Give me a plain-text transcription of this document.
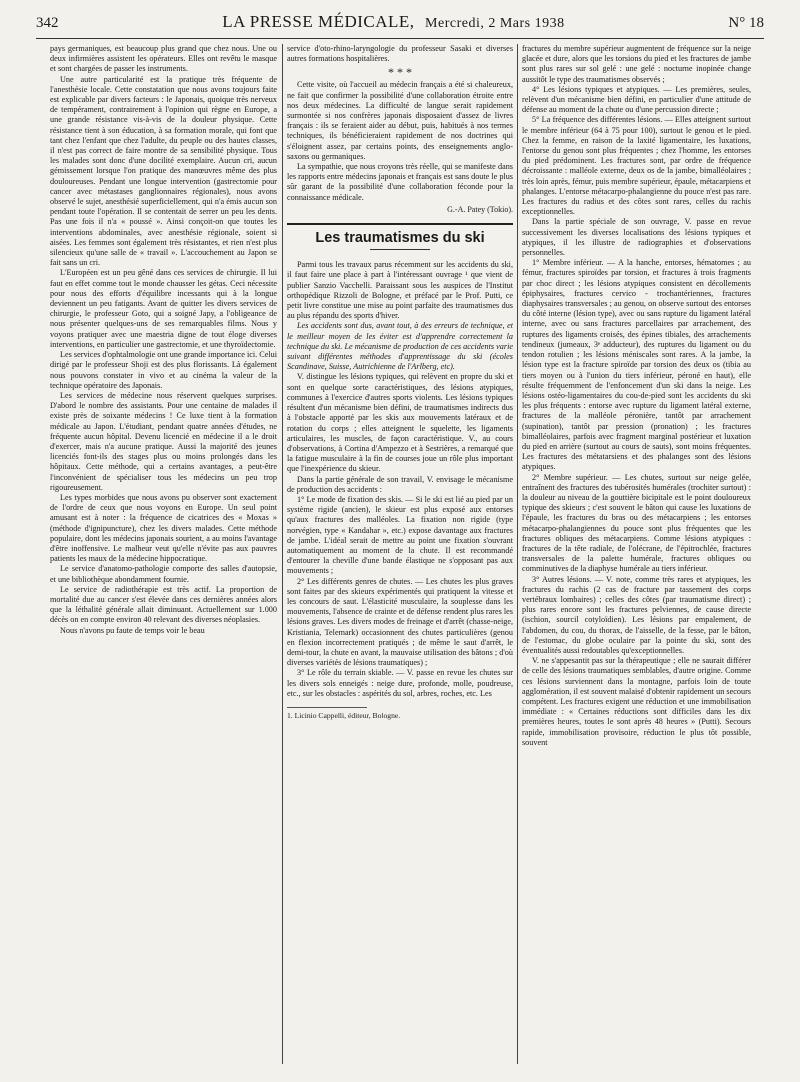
342	LA PRESSE MÉDICALE, Mercredi, 2 Mars 1938	N° 18

pays germaniques, est beaucoup plus grand que chez nous. Une ou deux infirmières assistent les opérateurs. Elles ont revêtu le masque et sont chargées de passer les instruments.

Une autre particularité est la pratique très fréquente de l'anesthésie locale. Cette constatation que nous avons toujours faite est explicable par divers facteurs : le Japonais, quoique très nerveux de tempérament, contrairement à l'opinion qui règne en Europe, a une grande résistance vis-à-vis de la douleur physique. Cette résistance tient à son éducation, à sa formation morale, qui font que tant chez l'enfant que chez l'adulte, du peuple ou des hautes classes, il n'est pas correct de faire montre de sa sensibilité physique. Tous les malades sont donc d'une docilité exemplaire. Aucun cri, aucun gémissement lorsque l'on pratique des manœuvres même des plus douloureuses. Pendant une longue intervention (gastrectomie pour cancer avec métastases ganglionnaires régionales), nous avons observé le sujet, anesthésié superficiellement, qui n'a émis aucun son pendant toute l'opération. Il se contentait de serrer un peu les dents. Pas une fois il n'a « poussé ». Ainsi conçoit-on que toutes les interventions abdominales, avec anesthésie régionale, soient si aisées. Les femmes sont également très résistantes, et rien n'est plus silencieux qu'une salle de « travail ». L'accouchement au Japon se fait sans un cri.

L'Européen est un peu gêné dans ces services de chirurgie. Il lui faut en effet comme tout le monde chausser les gétas. Ceci nécessite pour nous des efforts d'équilibre incessants qui à la longue deviennent un peu fatigants. Avant de quitter les divers services de chirurgie, le professeur Goto, qui a soigné Japy, a l'obligeance de nous présenter quelques-uns de ses remarquables films. Nous y voyons pratiquer avec une maestria digne de tout éloge diverses interventions, en particulier une gastrectomie, et une thyroïdectomie.

Les services d'ophtalmologie ont une grande importance ici. Celui dirigé par le professeur Shoji est des plus florissants. Là également nous pouvons constater in vivo et au cinéma la valeur de la technique opératoire des Japonais.

Les services de médecine nous réservent quelques surprises. D'abord le nombre des assistants. Pour une centaine de malades il existe près de soixante médecins ! Ce luxe tient à la formation médicale au Japon. L'étudiant, pendant quatre années d'études, ne fréquente aucun hôpital. Devenu licencié en médecine il a le droit d'exercer, mais n'a aucune pratique. Aussi la majorité des jeunes licenciés font-ils des stages plus ou moins prolongés dans les hôpitaux. Cette méthode, qui a certains avantages, a peut-être l'inconvénient de spécialiser tous les médecins un peu trop rigoureusement.

Les types morbides que nous avons pu observer sont exactement de l'ordre de ceux que nous voyons en Europe. Un seul point amusant est à noter : la fréquence de cicatrices des « Moxas » (méthode d'ignipuncture), chez les divers malades. Cette méthode populaire, dont les médecins japonais sourient, a au moins l'avantage d'être inoffensive. Le malheur veut qu'elle n'évite pas aux pauvres patients les maux de la médecine hippocratique.

Le service d'anatomo-pathologie comporte des salles d'autopsie, et une bibliothèque abondamment fournie.

Le service de radiothérapie est très actif. La proportion de mortalité due au cancer s'est élevée dans ces dernières années alors que la léthalité générale allait diminuant. Actuellement sur 1.000 décès on en compte environ 40 relevant des diverses néoplasies.

Nous n'avons pu faute de temps voir le beau

service d'oto-rhino-laryngologie du professeur Sasaki et diverses autres formations hospitalières.

* * *

Cette visite, où l'accueil au médecin français a été si chaleureux, ne fait que confirmer la possibilité d'une collaboration étroite entre nos deux médecines. La difficulté de langue serait rapidement surmontée si nos confrères japonais disposaient d'assez de livres français : ils se feraient aider au début, puis, habitués à nos termes techniques, ils bénéficieraient rapidement de nos doctrines qui s'éloignent assez, par certains points, des enseignements anglo-saxons ou germaniques.

La sympathie, que nous croyons très réelle, qui se manifeste dans les rapports entre médecins japonais et français est sans doute le plus sûr garant de la possibilité d'une collaboration féconde pour la connaissance médicale.

G.-A. Patey (Tokio).
Les traumatismes du ski

Parmi tous les travaux parus récemment sur les accidents du ski, il faut faire une place à part à l'intéressant ouvrage ¹ que vient de publier Sanzio Vacchelli. Paraissant sous les auspices de l'Institut orthopédique Rizzoli de Bologne, et préfacé par le Prof. Putti, ce petit livre constitue une mise au point parfaite des traumatismes dus au plus répandu des sports d'hiver.

Les accidents sont dus, avant tout, à des erreurs de technique, et le meilleur moyen de les éviter est d'apprendre correctement la technique du ski. Le mécanisme de production de ces accidents varie suivant différentes méthodes d'apprentissage du ski (écoles Scandinave, Suisse, Autrichienne de l'Arlberg, etc).

V. distingue les lésions typiques, qui relèvent en propre du ski et sont en quelque sorte caractéristiques, des lésions atypiques, communes à l'exercice d'autres sports violents. Les lésions typiques résultent d'un mécanisme bien défini, de traumatismes indirects dus à l'obstacle apporté par les skis aux mouvements latéraux et de rotation du corps ; elles atteignent le squelette, les ligaments articulaires, les muscles, de façon caractéristique. V., au cours d'observations, à Cortina d'Ampezzo et à Sestrières, a remarqué que la fatigue musculaire à la fin de courses joue un rôle plus important que l'inexpérience du skieur.

Dans la partie générale de son travail, V. envisage le mécanisme de production des accidents :

1° Le mode de fixation des skis. — Si le ski est lié au pied par un système rigide (ancien), le skieur est plus exposé aux entorses qu'aux fractures des malléoles. La fixation non rigide (type norvégien, type « Kandahar », etc.) expose davantage aux fractures de jambe. L'idéal serait de mettre au point une fixation s'ouvrant automatiquement au moment de la chute. Il est recommandé d'entourer la cheville d'une bande élastique ne s'opposant pas aux mouvements ;

2° Les différents genres de chutes. — Les chutes les plus graves sont faites par des skieurs expérimentés qui pratiquent la vitesse et les concours de saut. L'élasticité musculaire, la souplesse dans les mouvements, l'absence de crainte et de défense rendent plus rares les lésions graves. Les divers modes de freinage et d'arrêt (chasse-neige, Kristiania, Telemark) occasionnent des chutes particulières (genou en flexion incorrectement pratiqués ; de même le saut d'arrêt, le demi-tour, la chute en avant, la mauvaise utilisation des bâtons ; d'où diverses variétés de lésions traumatiques) ;

3° Le rôle du terrain skiable. — V. passe en revue les chutes sur les divers sols enneigés : neige dure, profonde, molle, poudreuse, etc., sur les obstacles : aspérités du sol, arbres, roches, etc. Les

1. Licinio Cappelli, éditeur, Bologne.

fractures du membre supérieur augmentent de fréquence sur la neige glacée et dure, alors que les torsions du pied et les fractures de jambe sont plus rares sur sol gelé : une gelé : nocturne inopinée change aussitôt le type des traumatismes observés ;

4° Les lésions typiques et atypiques. — Les premières, seules, relèvent d'un mécanisme bien défini, en particulier d'une attitude de défense au moment de la chute ou d'une percussion directe ;

5° La fréquence des différentes lésions. — Elles atteignent surtout le membre inférieur (64 à 75 pour 100), surtout le genou et le pied. Chez la femme, en raison de la laxité ligamentaire, les luxations, l'entorse du genou sont plus fréquentes ; chez l'homme, les entorses du pied prédominent. Les fractures sont, par ordre de fréquence décroissante : malléole externe, deux os de la jambe, bimalléolaires ; très loin après, fémur, puis membre supérieur, épaule, métacarpiens et phalanges. L'entorse métacarpo-phalangienne du pouce n'est pas rare. Les fractures du radius et des côtes sont rares, celles du rachis exceptionnelles.

Dans la partie spéciale de son ouvrage, V. passe en revue successivement les diverses localisations des lésions typiques et atypiques, il les illustre de radiographies et d'observations personnelles.

1° Membre inférieur. — A la hanche, entorses, hématomes ; au fémur, fractures spiroïdes par torsion, et fractures à trois fragments par choc direct ; les lésions atypiques consistent en décollements épiphysaires, fractures cervico - trochantériennes, fractures diaphysaires transversales ; au genou, on observe surtout des entorses du côté interne (lésion type), avec ou sans rupture du ligament latéral interne, avec ou sans fractures parcellaires par arrachement, des ruptures des ligaments croisés, des épines tibiales, des arrachements tendineux (jumeaux, 3ᵉ adducteur), des ruptures du ligament ou du tendon rotulien ; les lésions méniscales sont rares. A la jambe, la lésion type est la fracture spiroïde par torsion des deux os (tibia au tiers moyen ou à l'union du tiers inférieur, péroné en haut), elle résulte fréquemment de l'enfoncement d'un ski dans la neige. Les lésions ostéo-ligamentaires du cou-de-pied sont les accidents du ski les plus fréquents : entorse avec rupture du ligament latéral externe, fractures de la malléole péronière, tantôt par arrachement (supination), tantôt par pression (pronation) ; les fractures bimalléolaires, parfois avec fragment marginal postérieur et luxation du pied en arrière (surtout au cours de sauts), sont moins fréquentes. Les fractures des métatarsiens et des phalanges sont des lésions atypiques.

2° Membre supérieur. — Les chutes, surtout sur neige gelée, entraînent des fractures des tubérosités humérales (trochiter surtout) : la douleur au niveau de la gouttière bicipitale est le point douloureux typique des skieurs ; c'est souvent le bâton qui cause les luxations de l'épaule, les fractures du bras ou des métacarpiens ; les entorses métacarpo-phalangiennes du pouce sont plus fréquentes que les fractures obliques des métacarpiens. Comme lésions atypiques : fractures de la tête radiale, de l'olécrane, de l'épitrochlée, fractures transversales de la palette humérale, fractures obliques ou comminutives de la diaphyse humérale au tiers inférieur.

3° Autres lésions. — V. note, comme très rares et atypiques, les fractures du rachis (2 cas de fracture par tassement des corps vertébraux lombaires) ; celles des côtes (par traumatisme direct) ; plus rares encore sont les fractures pelviennes, de cause directe (ischion, sourcil cotyloïdien). Les lésions par empalement, de l'abdomen, du cou, du thorax, de l'aisselle, de la fesse, par le bâton, de l'estomac, du globe oculaire par la pointe du ski, sont des éventualités aussi redoutables qu'exceptionnelles.

V. ne s'appesantit pas sur la thérapeutique ; elle ne saurait différer de celle des lésions traumatiques semblables, d'autre origine. Comme ces lésions surviennent dans la montagne, parfois loin de toute agglomération, il est souvent malaisé d'obtenir rapidement un secours compétent. Les fractures exigent une réduction et une immobilisation immédiate : « Certaines réductions sont difficiles dans les dix premières heures, toutes le sont après 48 heures » (Putti). Secours rapide, immobilisation provisoire, réduction le plus tôt possible, souvent
